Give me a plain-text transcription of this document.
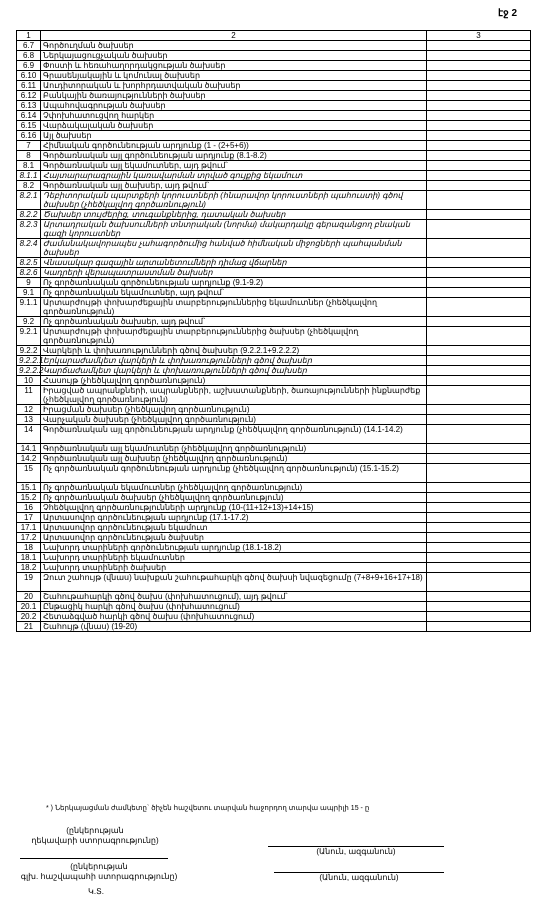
էջ 2
1	2	3
6.7	Գործուղման ծախսեր	
6.8	Ներկայացուցչական ծախսեր	
6.9	Փոստի և հեռահաղորդակցության ծախսեր	
6.10	Գրասենյակային և կոմունալ ծախսեր	
6.11	Աուդիտորական և խորհրդատվական ծախսեր	
6.12	Բանկային ծառայությունների ծախսեր	
6.13	Ապահովագրության ծախսեր	
6.14	Չփոխհատուցվող հարկեր	
6.15	Վարձակալական ծախսեր	
6.16	Այլ ծախսեր	
7	Հիմնական գործունեության արդյունք (1 - (2+5+6))	
8	Գործառնական այլ գործունեության արդյունք (8.1-8.2)	
8.1	Գործառնական այլ եկամուտներ, այդ թվում`	
8.1.1	Հայտարարագրային կառավարման տրված գույքից եկամուտ	
8.2	Գործառնական այլ ծախսեր, այդ թվում`	
8.2.1	Դեբիտորական պարտքերի կորուստների (հնարավոր կորուստների պահուստի) գծով ծախսեր (չհեծկալվող գործառնություն)	
8.2.2	Ծախսեր տույժերից, տուգանքներից, դատական ծախսեր	
8.2.3	Արտադրական ծախսումների տնտրական (նորմա) մակարդակը գերազանցող բնական գազի կորուստներ	
8.2.4	Ժամանակավորապես չահագործումից հանված հիմնական միջոցների պահպանման ծախսեր	
8.2.5	Վնասակար գազային արտանետումների դիմաց վճարներ	
8.2.6	Կադրերի վերապատրաստման ծախսեր	
9	Ոչ գործառնական գործունեության արդյունք (9.1-9.2)	
9.1	Ոչ գործառնական եկամուտներ, այդ թվում`	
9.1.1	Արտարժույթի փոխարժեքային տարբերություններից եկամուտներ (չհեծկալվող գործառնություն)	
9.2	Ոչ գործառնական ծախսեր, այդ թվում`	
9.2.1	Արտարժույթի փոխարժեքային տարբերություններից ծախսեր (չհեծկալվող գործառնություն)	
9.2.2	Վարկերի և փոխառությունների գծով ծախսեր (9.2.2.1+9.2.2.2)	
9.2.2.1	Երկարաժամկետ վարկերի և փոխառությունների գծով ծախսեր	
9.2.2.2	Կարճաժամկետ վարկերի և փոխառությունների գծով ծախսեր	
10	Հասույթ (չհեծկալվող գործառնություն)	
11	Իրացված ապրանքների, ապրանքների, աշխատանքների, ծառայությունների ինքնարժեք (չհեծկալվող գործառնություն)	
12	Իրացման ծախսեր (չհեծկալվող գործառնություն)	
13	Վարչական ծախսեր (չհեծկալվող գործառնություն)	
14	Գործառնական այլ գործունեության արդյունք (չհեծկալվող գործառնություն) (14.1-14.2)	
14.1	Գործառնական այլ եկամուտներ (չհեծկալվող գործառնություն)	
14.2	Գործառնական այլ ծախսեր (չհեծկալվող գործառնություն)	
15	Ոչ գործառնական գործունեության արդյունք (չհեծկալվող գործառնություն) (15.1-15.2)	
15.1	Ոչ գործառնական եկամուտներ (չհեծկալվող գործառնություն)	
15.2	Ոչ գործառնական ծախսեր (չհեծկալվող գործառնություն)	
16	Չհեծկալվող գործառնությունների արդյունք (10-(11+12+13)+14+15)	
17	Արտասովոր գործունեության արդյունք (17.1-17.2)	
17.1	Արտասովոր գործունեության եկամուտ	
17.2	Արտասովոր գործունեության ծախսեր	
18	Նախորդ տարիների գործունեության արդյունք (18.1-18.2)	
18.1	Նախորդ տարիների եկամուտներ	
18.2	Նախորդ տարիների ծախսեր	
19	Զուտ շահույթ (վնաս) նախքան շահութահարկի գծով ծախսի նվազեցումը (7+8+9+16+17+18)	
20	Շահութահարկի գծով ծախս (փոխհատուցում), այդ թվում`	
20.1	Ընթացիկ հարկի գծով ծախս (փոխհատուցում)	
20.2	Հետաձգված հարկի գծով ծախս (փոխհատուցում)	
21	Շահույթ (վնաս) (19-20)	
* ) Ներկայացման ժամկետը` ծիչեն հաշվետու տարվան հաջորդող տարվա ապրիլի 15 - ը
(ընկերության
ղեկավարի ստորագրությունը)
(Անուն, ազգանուն)
(ընկերության
գլխ. հաշվապահի ստորագրությունը)	(Անուն, ազգանուն)
Կ.Տ.
